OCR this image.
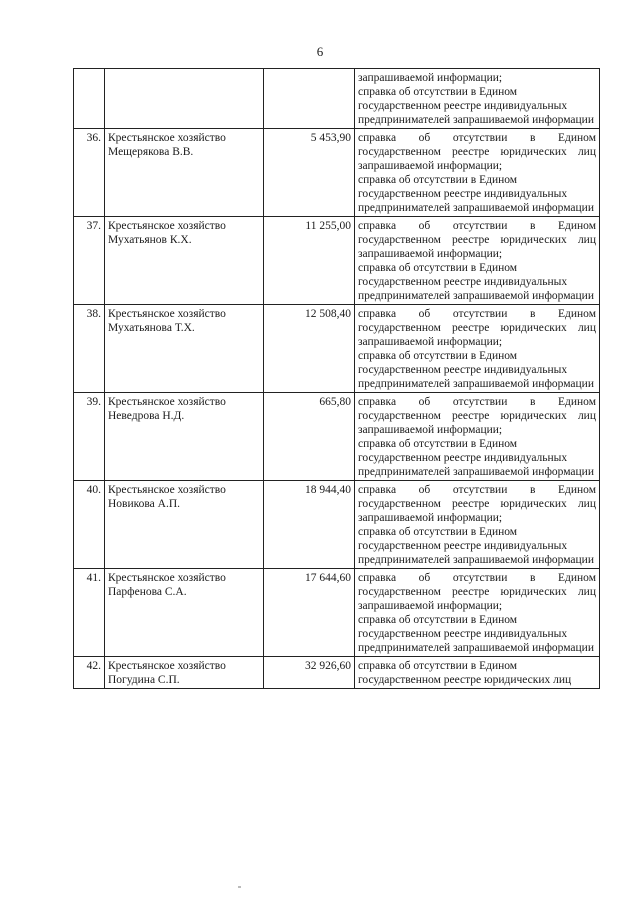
6

			запрашиваемой информации;
справка об отсутствии в Едином государственном реестре индивидуальных предпринимателей запрашиваемой информации

36.	Крестьянское хозяйство Мещерякова В.В.	5 453,90	справка об отсутствии в Едином государственном реестре юридических лиц запрашиваемой информации;
справка об отсутствии в Едином государственном реестре индивидуальных предпринимателей запрашиваемой информации

37.	Крестьянское хозяйство Мухатьянов К.Х.	11 255,00	справка об отсутствии в Едином государственном реестре юридических лиц запрашиваемой информации;
справка об отсутствии в Едином государственном реестре индивидуальных предпринимателей запрашиваемой информации

38.	Крестьянское хозяйство Мухатьянова Т.Х.	12 508,40	справка об отсутствии в Едином государственном реестре юридических лиц запрашиваемой информации;
справка об отсутствии в Едином государственном реестре индивидуальных предпринимателей запрашиваемой информации

39.	Крестьянское хозяйство Неведрова Н.Д.	665,80	справка об отсутствии в Едином государственном реестре юридических лиц запрашиваемой информации;
справка об отсутствии в Едином государственном реестре индивидуальных предпринимателей запрашиваемой информации

40.	Крестьянское хозяйство Новикова А.П.	18 944,40	справка об отсутствии в Едином государственном реестре юридических лиц запрашиваемой информации;
справка об отсутствии в Едином государственном реестре индивидуальных предпринимателей запрашиваемой информации

41.	Крестьянское хозяйство Парфенова С.А.	17 644,60	справка об отсутствии в Едином государственном реестре юридических лиц запрашиваемой информации;
справка об отсутствии в Едином государственном реестре индивидуальных предпринимателей запрашиваемой информации

42.	Крестьянское хозяйство Погудина С.П.	32 926,60	справка об отсутствии в Едином государственном реестре юридических лиц
